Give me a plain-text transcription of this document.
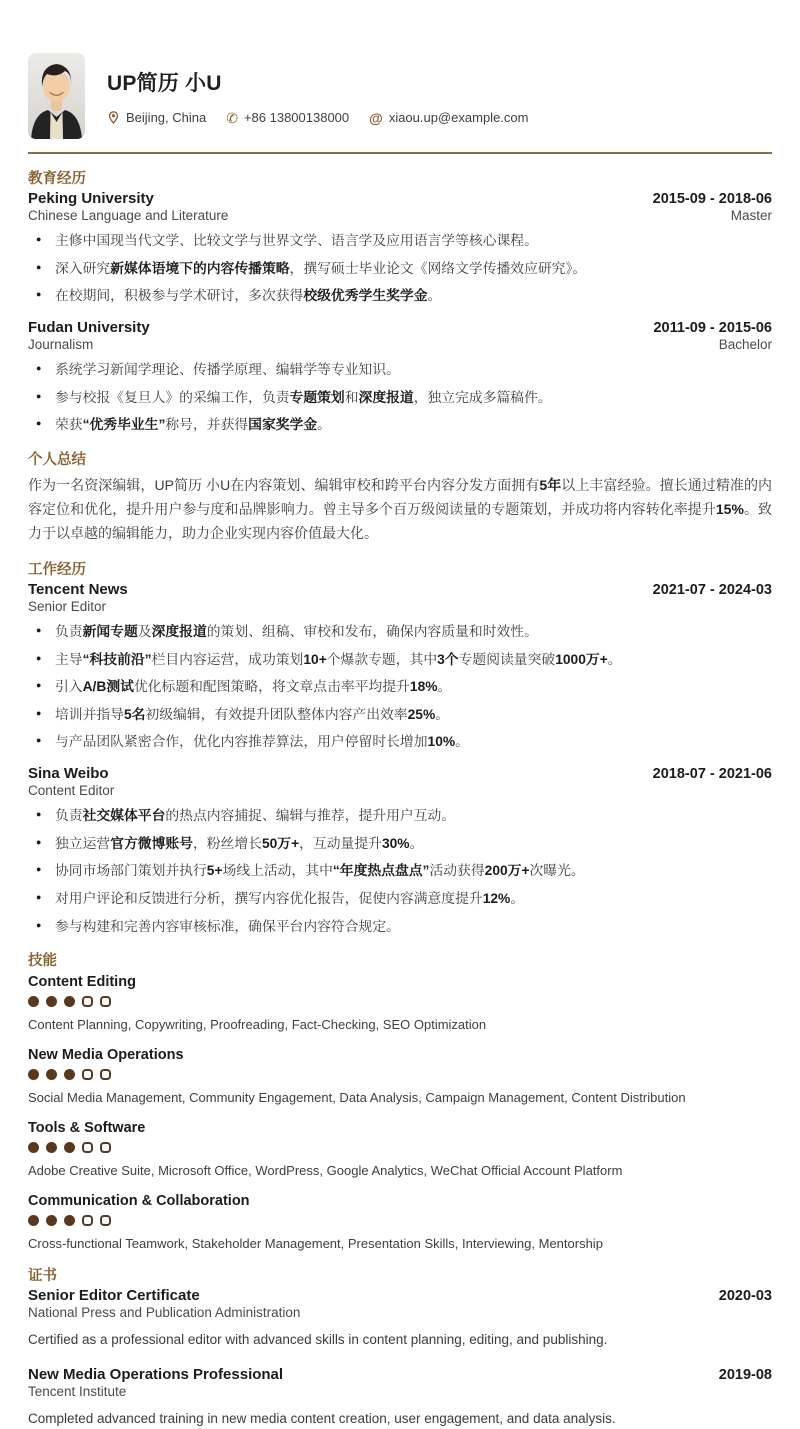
UP简历 小U
Beijing, China ✆ +86 13800138000 @ xiaou.up@example.com
教育经历
Peking University	2015-09 - 2018-06
Chinese Language and Literature	Master
● 主修中国现当代文学、比较文学与世界文学、语言学及应用语言学等核心课程。
● 深入研究新媒体语境下的内容传播策略，撰写硕士毕业论文《网络文学传播效应研究》。
● 在校期间，积极参与学术研讨，多次获得校级优秀学生奖学金。
Fudan University	2011-09 - 2015-06
Journalism	Bachelor
● 系统学习新闻学理论、传播学原理、编辑学等专业知识。
● 参与校报《复旦人》的采编工作，负责专题策划和深度报道，独立完成多篇稿件。
● 荣获“优秀毕业生”称号，并获得国家奖学金。
个人总结

作为一名资深编辑，UP简历 小U在内容策划、编辑审校和跨平台内容分发方面拥有5年以上丰富经验。擅长通过精准的内容定位和优化，提升用户参与度和品牌影响力。曾主导多个百万级阅读量的专题策划，并成功将内容转化率提升15%。致力于以卓越的编辑能力，助力企业实现内容价值最大化。

工作经历
Tencent News	2021-07 - 2024-03
Senior Editor
● 负责新闻专题及深度报道的策划、组稿、审校和发布，确保内容质量和时效性。
● 主导“科技前沿”栏目内容运营，成功策划10+个爆款专题，其中3个专题阅读量突破1000万+。
● 引入A/B测试优化标题和配图策略，将文章点击率平均提升18%。
● 培训并指导5名初级编辑，有效提升团队整体内容产出效率25%。
● 与产品团队紧密合作，优化内容推荐算法，用户停留时长增加10%。
Sina Weibo	2018-07 - 2021-06
Content Editor
● 负责社交媒体平台的热点内容捕捉、编辑与推荐，提升用户互动。
● 独立运营官方微博账号，粉丝增长50万+，互动量提升30%。
● 协同市场部门策划并执行5+场线上活动，其中“年度热点盘点”活动获得200万+次曝光。
● 对用户评论和反馈进行分析，撰写内容优化报告，促使内容满意度提升12%。
● 参与构建和完善内容审核标准，确保平台内容符合规定。
技能
Content Editing
Content Planning, Copywriting, Proofreading, Fact-Checking, SEO Optimization
New Media Operations
Social Media Management, Community Engagement, Data Analysis, Campaign Management, Content Distribution
Tools & Software
Adobe Creative Suite, Microsoft Office, WordPress, Google Analytics, WeChat Official Account Platform
Communication & Collaboration
Cross-functional Teamwork, Stakeholder Management, Presentation Skills, Interviewing, Mentorship
证书
Senior Editor Certificate	2020-03
National Press and Publication Administration
Certified as a professional editor with advanced skills in content planning, editing, and publishing.
New Media Operations Professional	2019-08
Tencent Institute
Completed advanced training in new media content creation, user engagement, and data analysis.
